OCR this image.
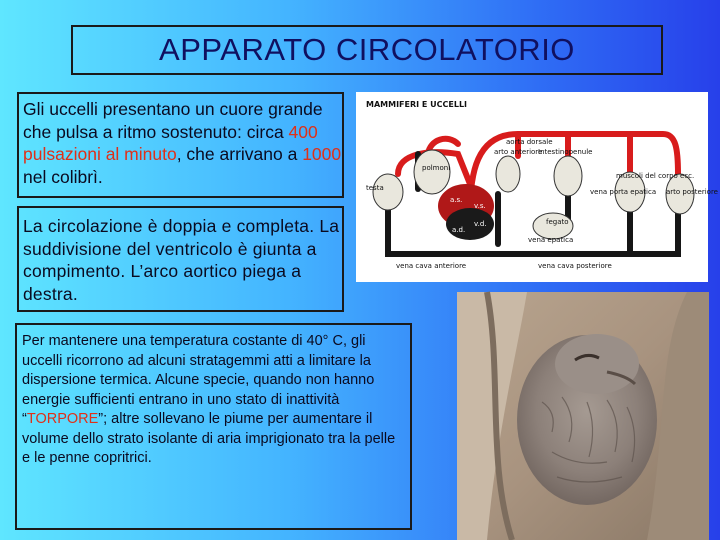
APPARATO CIRCOLATORIO
Gli uccelli presentano un cuore grande che pulsa a ritmo sostenuto: circa 400 pulsazioni al minuto, che arrivano a 1000 nel colibrì.
La circolazione è doppia e completa. La suddivisione del ventricolo è giunta a compimento. L’arco aortico piega a destra.
Per mantenere una temperatura costante di 40° C, gli uccelli ricorrono ad alcuni stratagemmi atti a limitare la dispersione termica. Alcune specie, quando non hanno energie sufficienti entrano in uno stato di inattività “TORPORE”; altre sollevano le piume per aumentare il volume dello strato isolante di aria imprigionato tra la pelle e le penne copritrici.
MAMMIFERI E UCCELLI
polmoni
aorta dorsale
arto anteriore
Intestinopenule
testa	vena porta epatica
muscoli del corpo ecc.
arto posteriore
a.s.
v.s.
a.d.
v.d.	fegato
vena epatica
vena cava anteriore	vena cava posteriore
